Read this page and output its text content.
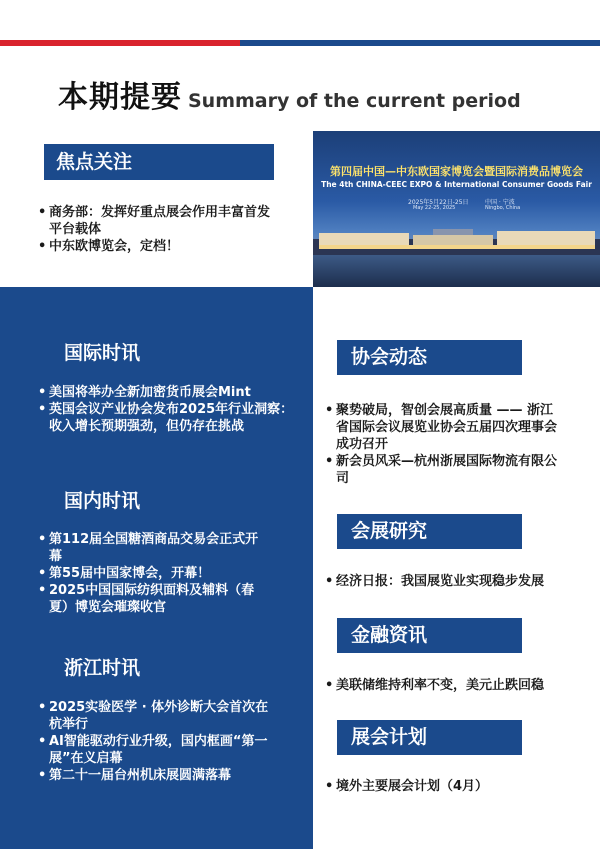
本期提要 Summary of the current period
焦点关注
• 商务部：发挥好重点展会作用丰富首发平台载体
• 中东欧博览会，定档！
第四届中国—中东欧国家博览会暨国际消费品博览会
The 4th CHINA-CEEC EXPO & International Consumer Goods Fair
2025年5月22日-25日
May 22-25, 2025
中国 · 宁波
Ningbo, China
国际时讯
• 美国将举办全新加密货币展会Mint
• 英国会议产业协会发布2025年行业洞察：收入增长预期强劲，但仍存在挑战
国内时讯
• 第112届全国糖酒商品交易会正式开幕
• 第55届中国家博会，开幕！
• 2025中国国际纺织面料及辅料（春夏）博览会璀璨收官
浙江时讯
• 2025实验医学 · 体外诊断大会首次在杭举行
• AI智能驱动行业升级，国内框画“第一展”在义启幕
• 第二十一届台州机床展圆满落幕
协会动态
• 聚势破局，智创会展高质量 —— 浙江省国际会议展览业协会五届四次理事会成功召开
• 新会员风采—杭州浙展国际物流有限公司
会展研究
• 经济日报：我国展览业实现稳步发展
金融资讯
• 美联储维持利率不变，美元止跌回稳
展会计划
• 境外主要展会计划（4月）
